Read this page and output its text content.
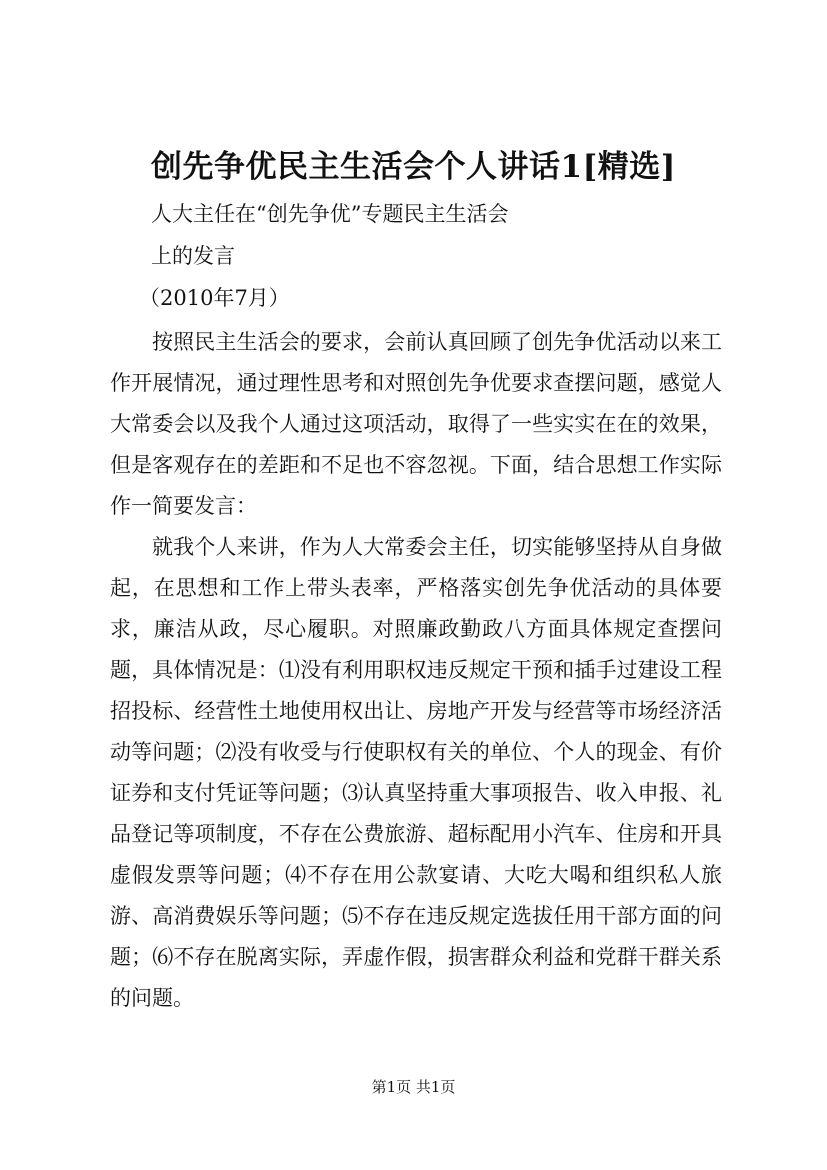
创先争优民主生活会个人讲话1[精选]

人大主任在“创先争优”专题民主生活会

上的发言

（2010年7月）

按照民主生活会的要求，会前认真回顾了创先争优活动以来工作开展情况，通过理性思考和对照创先争优要求查摆问题，感觉人大常委会以及我个人通过这项活动，取得了一些实实在在的效果，但是客观存在的差距和不足也不容忽视。下面，结合思想工作实际作一简要发言：

就我个人来讲，作为人大常委会主任，切实能够坚持从自身做起，在思想和工作上带头表率，严格落实创先争优活动的具体要求，廉洁从政，尽心履职。对照廉政勤政八方面具体规定查摆问题，具体情况是：⑴没有利用职权违反规定干预和插手过建设工程招投标、经营性土地使用权出让、房地产开发与经营等市场经济活动等问题；⑵没有收受与行使职权有关的单位、个人的现金、有价证券和支付凭证等问题；⑶认真坚持重大事项报告、收入申报、礼品登记等项制度，不存在公费旅游、超标配用小汽车、住房和开具虚假发票等问题；⑷不存在用公款宴请、大吃大喝和组织私人旅游、高消费娱乐等问题；⑸不存在违反规定选拔任用干部方面的问题；⑹不存在脱离实际，弄虚作假，损害群众利益和党群干群关系的问题。

第1页 共1页
